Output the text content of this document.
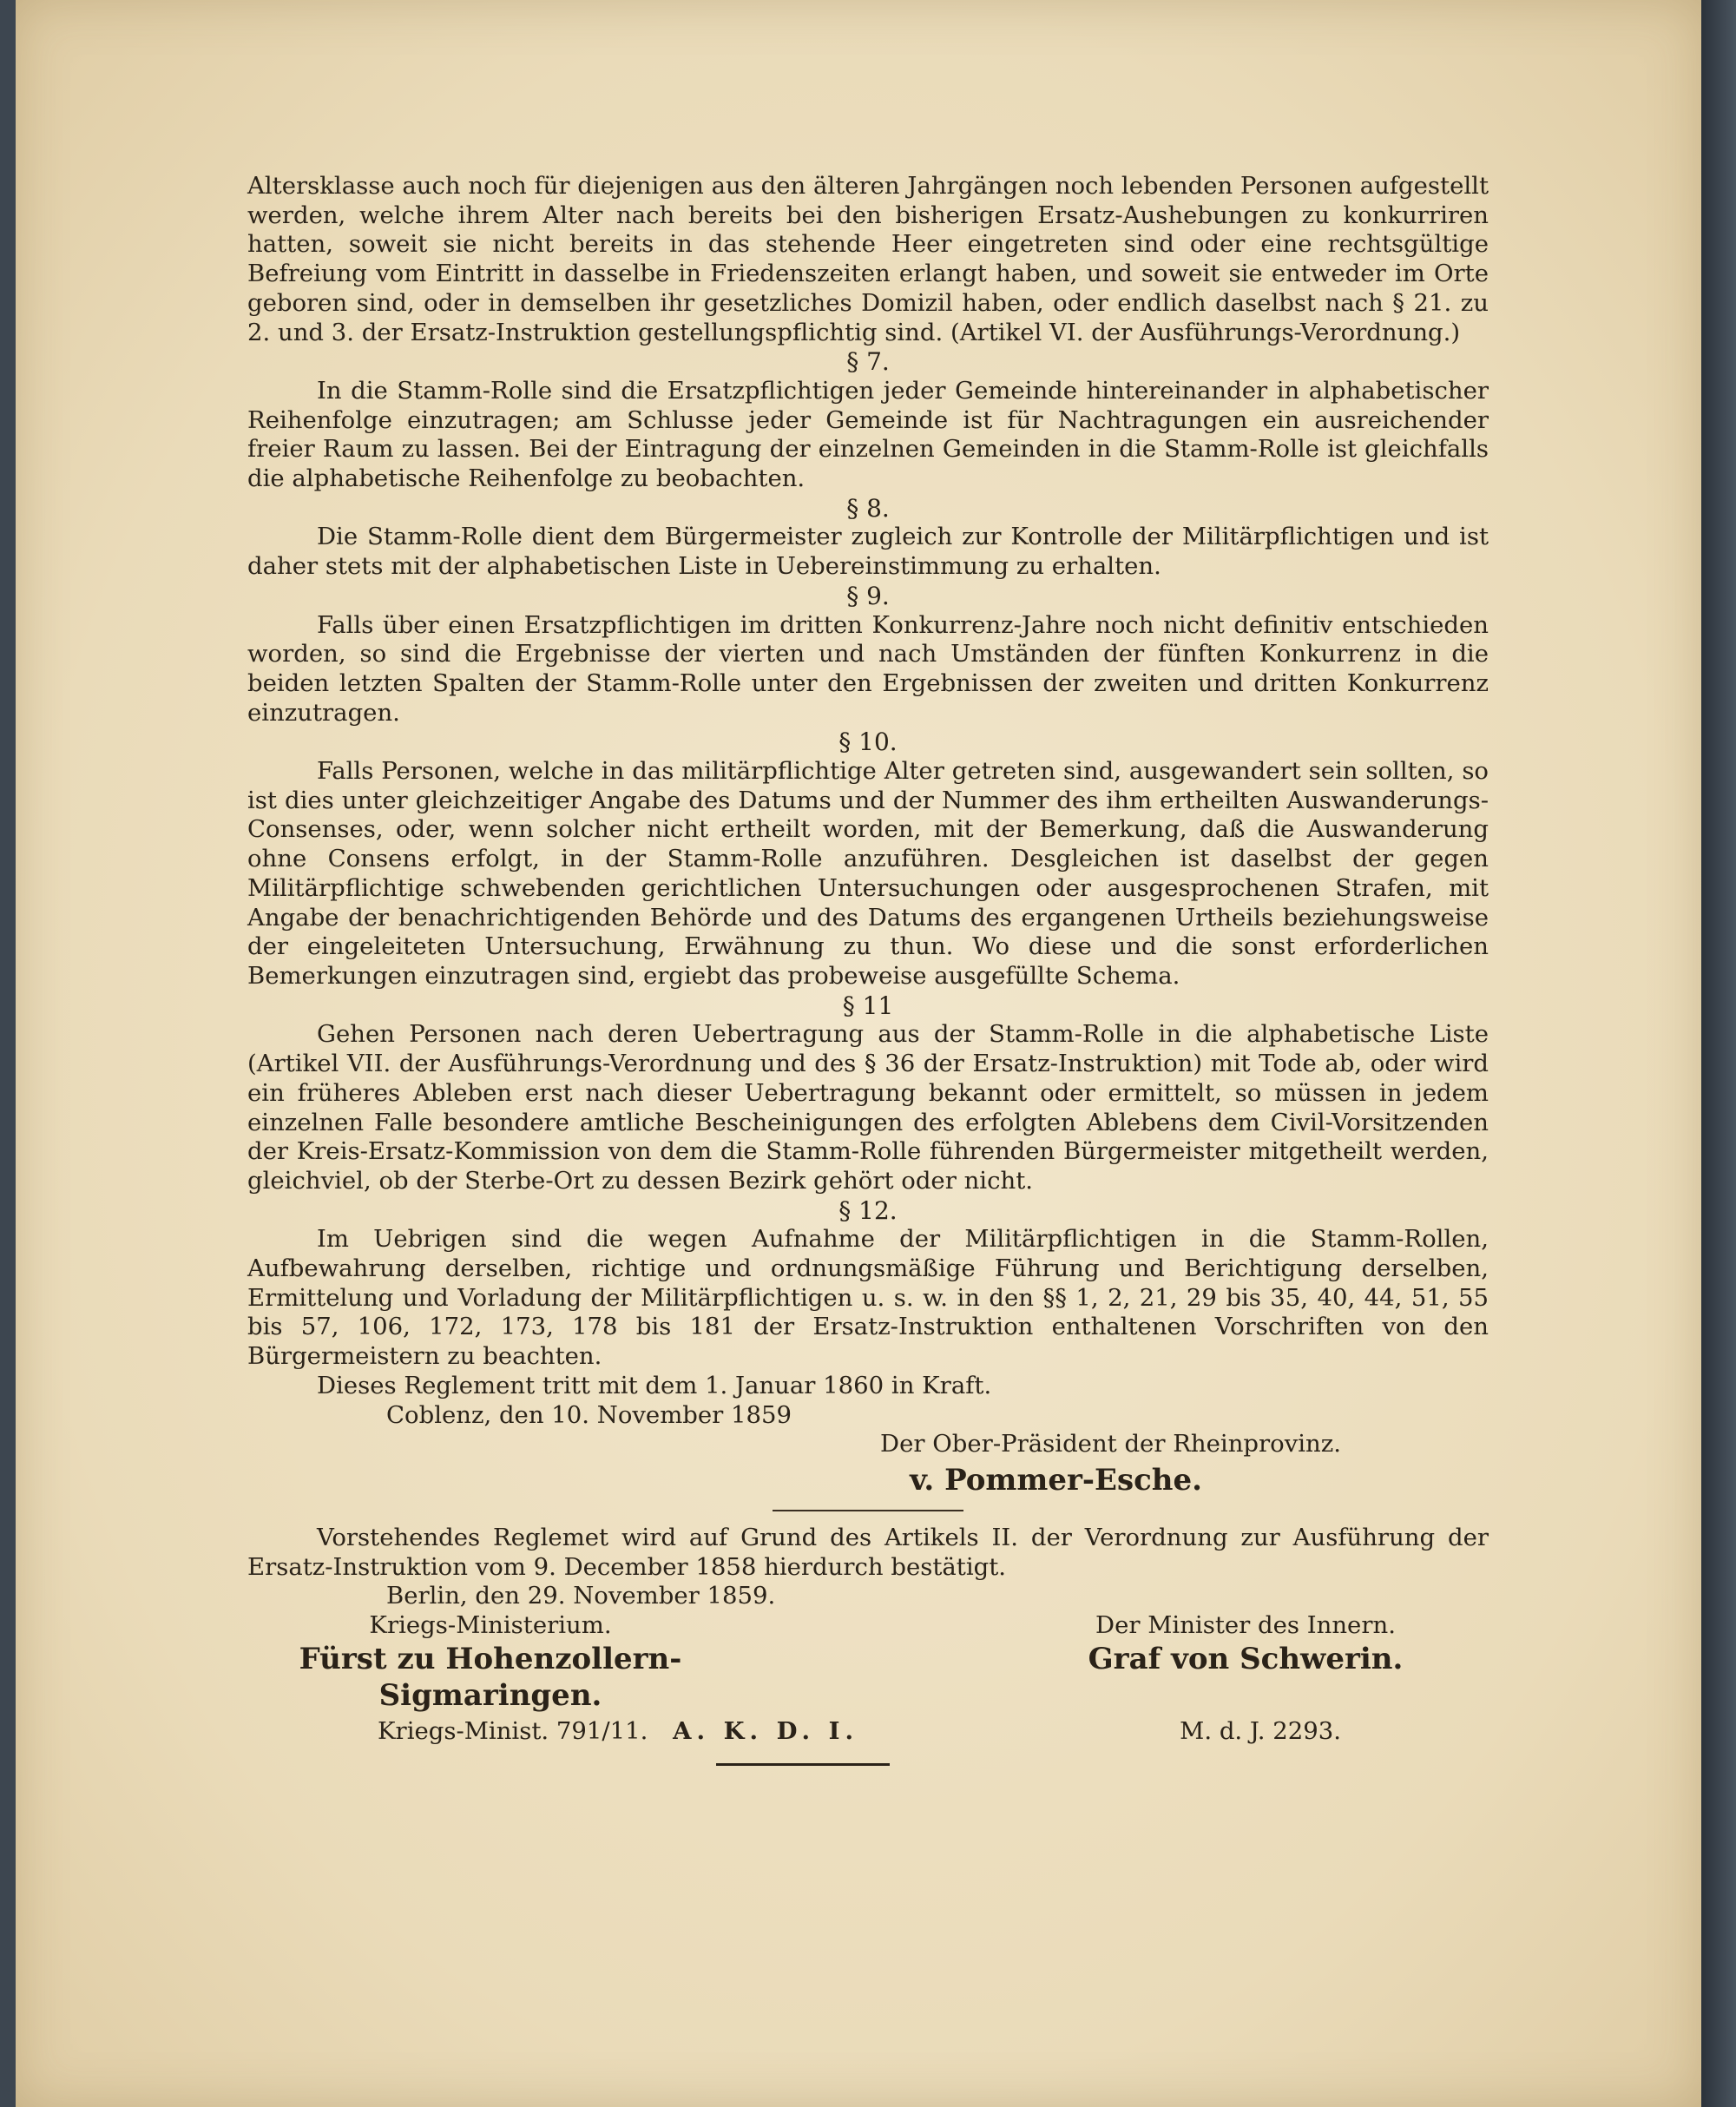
Altersklasse auch noch für diejenigen aus den älteren Jahrgängen noch lebenden Personen aufgestellt werden, welche ihrem Alter nach bereits bei den bisherigen Ersatz-Aushebungen zu konkurriren hatten, soweit sie nicht bereits in das stehende Heer eingetreten sind oder eine rechtsgültige Befreiung vom Eintritt in dasselbe in Friedenszeiten erlangt haben, und soweit sie entweder im Orte geboren sind, oder in demselben ihr gesetzliches Domizil haben, oder endlich daselbst nach § 21. zu 2. und 3. der Ersatz-Instruktion gestellungspflichtig sind. (Artikel VI. der Ausführungs-Verordnung.)

§ 7.

In die Stamm-Rolle sind die Ersatzpflichtigen jeder Gemeinde hintereinander in alphabetischer Reihenfolge einzutragen; am Schlusse jeder Gemeinde ist für Nachtragungen ein ausreichender freier Raum zu lassen. Bei der Eintragung der einzelnen Gemeinden in die Stamm-Rolle ist gleichfalls die alphabetische Reihenfolge zu beobachten.

§ 8.

Die Stamm-Rolle dient dem Bürgermeister zugleich zur Kontrolle der Militärpflichtigen und ist daher stets mit der alphabetischen Liste in Uebereinstimmung zu erhalten.

§ 9.

Falls über einen Ersatzpflichtigen im dritten Konkurrenz-Jahre noch nicht definitiv entschieden worden, so sind die Ergebnisse der vierten und nach Umständen der fünften Konkurrenz in die beiden letzten Spalten der Stamm-Rolle unter den Ergebnissen der zweiten und dritten Konkurrenz einzutragen.

§ 10.

Falls Personen, welche in das militärpflichtige Alter getreten sind, ausgewandert sein sollten, so ist dies unter gleichzeitiger Angabe des Datums und der Nummer des ihm ertheilten Auswanderungs-Consenses, oder, wenn solcher nicht ertheilt worden, mit der Bemerkung, daß die Auswanderung ohne Consens erfolgt, in der Stamm-Rolle anzuführen. Desgleichen ist daselbst der gegen Militärpflichtige schwebenden gerichtlichen Untersuchungen oder ausgesprochenen Strafen, mit Angabe der benachrichtigenden Behörde und des Datums des ergangenen Urtheils beziehungsweise der eingeleiteten Untersuchung, Erwähnung zu thun. Wo diese und die sonst erforderlichen Bemerkungen einzutragen sind, ergiebt das probeweise ausgefüllte Schema.

§ 11

Gehen Personen nach deren Uebertragung aus der Stamm-Rolle in die alphabetische Liste (Artikel VII. der Ausführungs-Verordnung und des § 36 der Ersatz-Instruktion) mit Tode ab, oder wird ein früheres Ableben erst nach dieser Uebertragung bekannt oder ermittelt, so müssen in jedem einzelnen Falle besondere amtliche Bescheinigungen des erfolgten Ablebens dem Civil-Vorsitzenden der Kreis-Ersatz-Kommission von dem die Stamm-Rolle führenden Bürgermeister mitgetheilt werden, gleichviel, ob der Sterbe-Ort zu dessen Bezirk gehört oder nicht.

§ 12.

Im Uebrigen sind die wegen Aufnahme der Militärpflichtigen in die Stamm-Rollen, Aufbewahrung derselben, richtige und ordnungsmäßige Führung und Berichtigung derselben, Ermittelung und Vorladung der Militärpflichtigen u. s. w. in den §§ 1, 2, 21, 29 bis 35, 40, 44, 51, 55 bis 57, 106, 172, 173, 178 bis 181 der Ersatz-Instruktion enthaltenen Vorschriften von den Bürgermeistern zu beachten.

Dieses Reglement tritt mit dem 1. Januar 1860 in Kraft.

Coblenz, den 10. November 1859

Der Ober-Präsident der Rheinprovinz.

v. Pommer-Esche.

Vorstehendes Reglemet wird auf Grund des Artikels II. der Verordnung zur Ausführung der Ersatz-Instruktion vom 9. December 1858 hierdurch bestätigt.

Berlin, den 29. November 1859.

Kriegs-Ministerium.

Fürst zu Hohenzollern-

Sigmaringen.

Der Minister des Innern.

Graf von Schwerin.

Kriegs-Minist. 791/11. A. K. D. I.	M. d. J. 2293.
